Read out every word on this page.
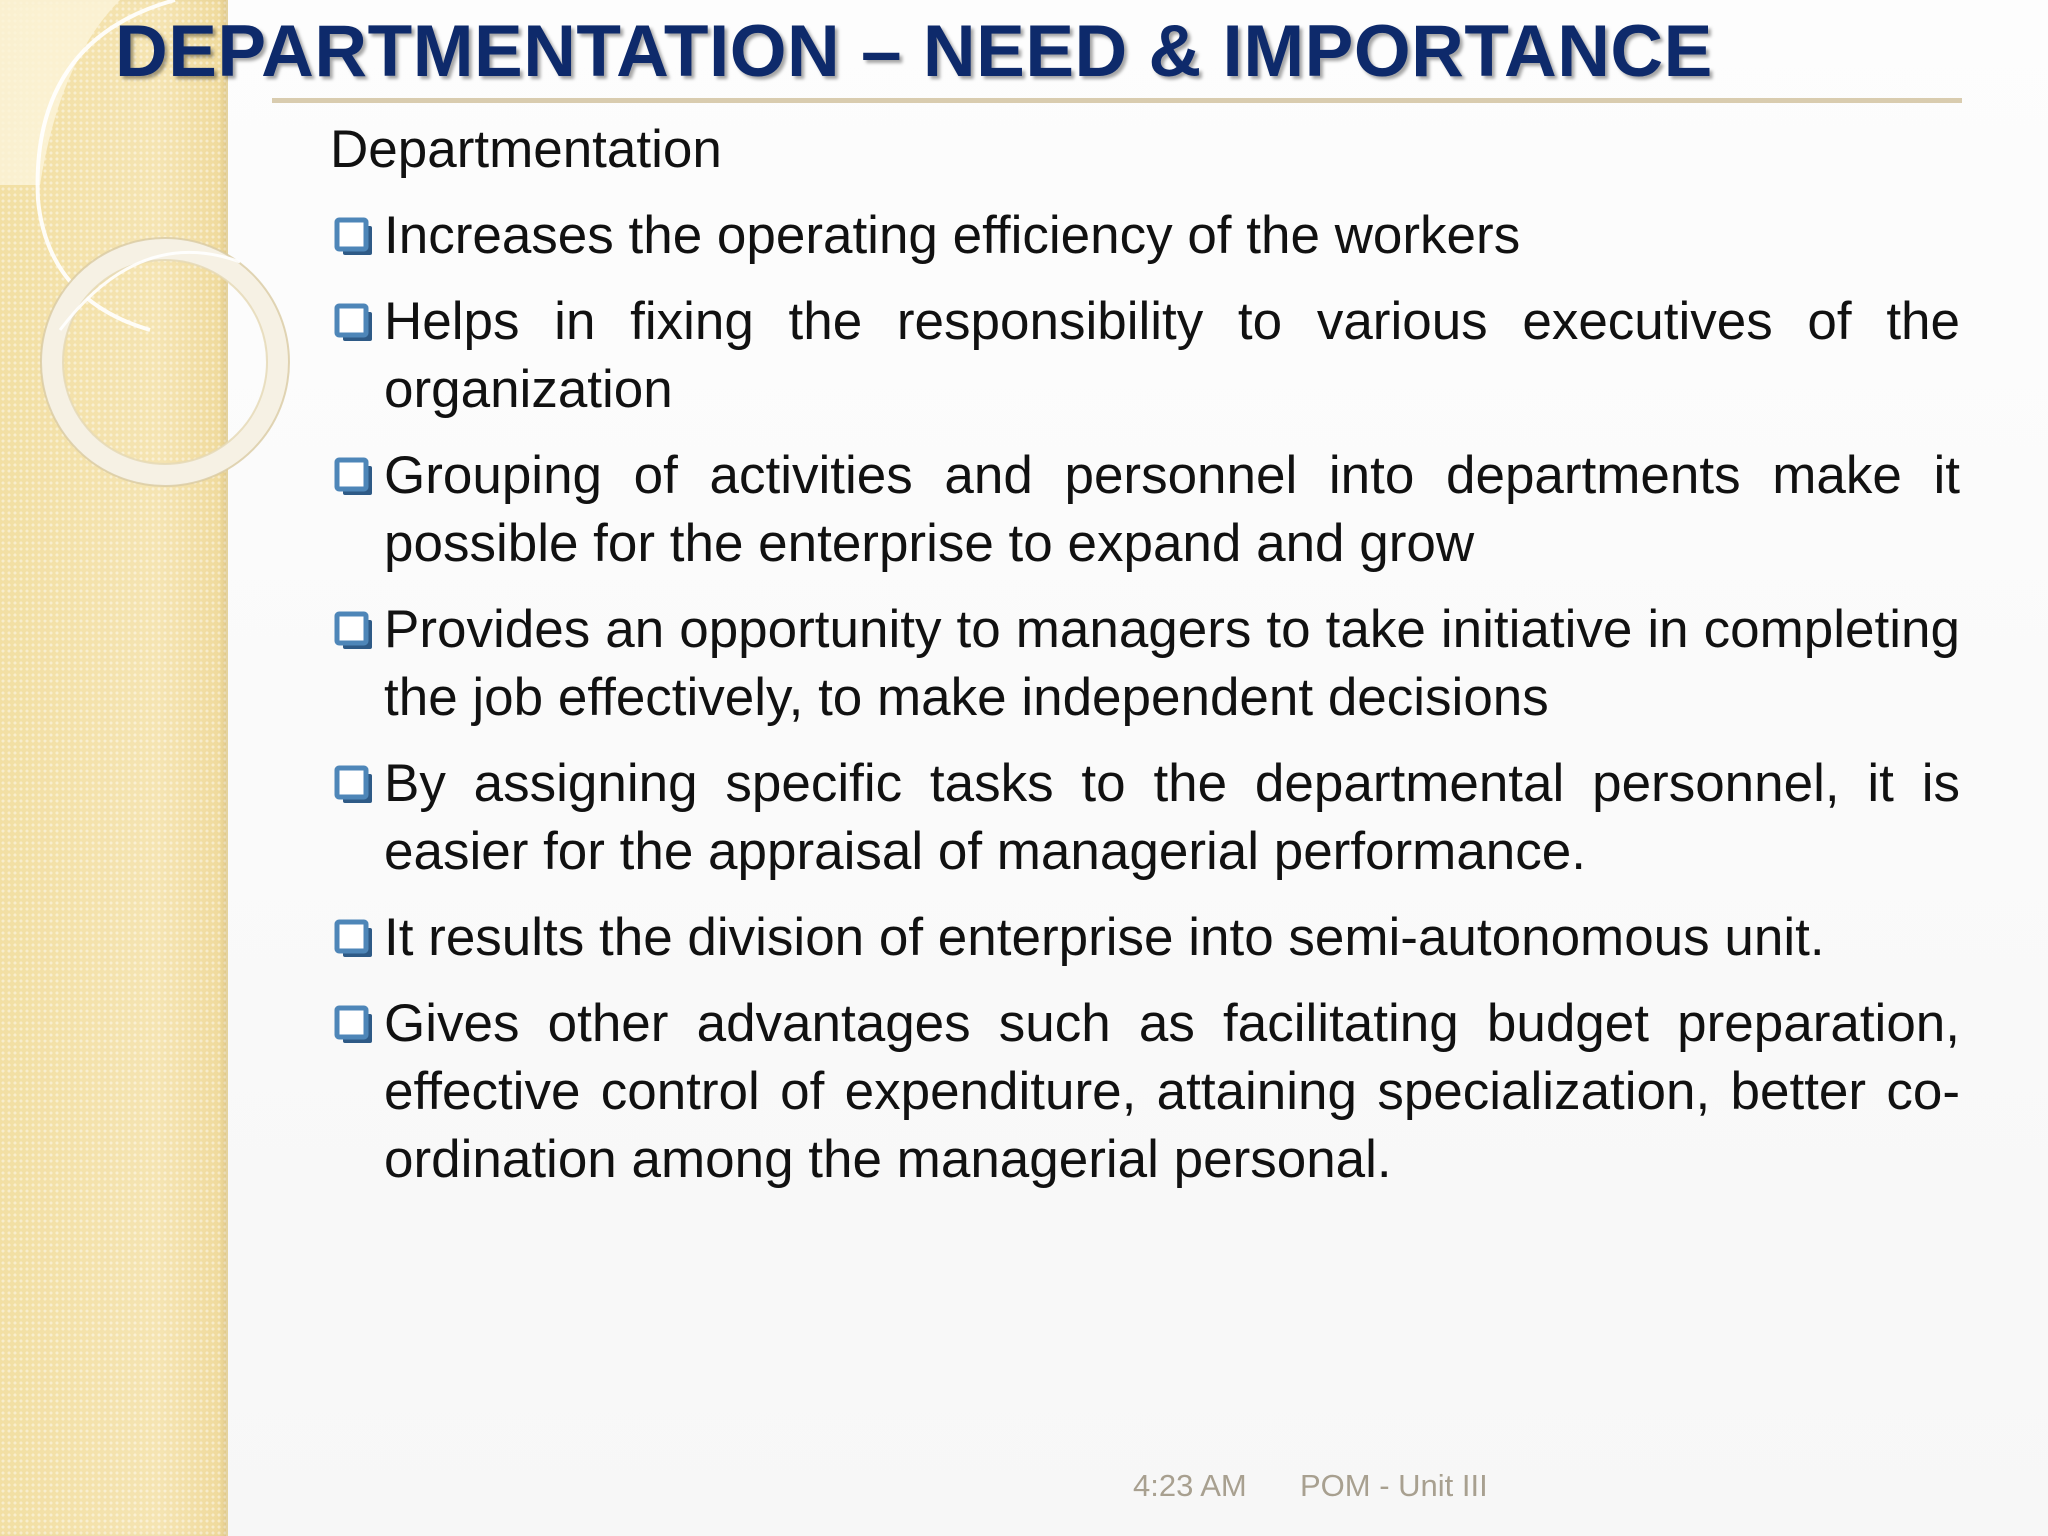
DEPARTMENTATION – NEED & IMPORTANCE

Departmentation

Increases the operating efficiency of the workers

Helps in fixing the responsibility to various executives of the organization

Grouping of activities and personnel into departments make it possible for the enterprise to expand and grow

Provides an opportunity to managers to take initiative in completing the job effectively, to make independent decisions

By assigning specific tasks to the departmental personnel, it is easier for the appraisal of managerial performance.

It results the division of enterprise into semi-autonomous unit.

Gives other advantages such as facilitating budget preparation, effective control of expenditure, attaining specialization, better co-ordination among the managerial personal.

4:23 AM POM - Unit III
